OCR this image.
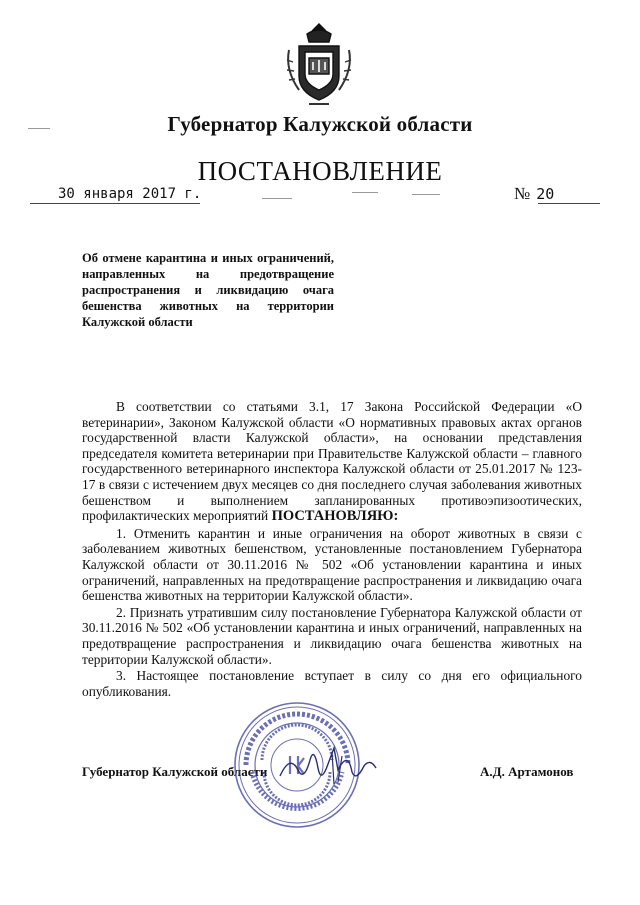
Губернатор Калужской области
ПОСТАНОВЛЕНИЕ
30 января 2017 г.	№ 20
Об отмене карантина и иных ограничений, направленных на предотвращение распространения и ликвидацию очага бешенства животных на территории Калужской области

В соответствии со статьями 3.1, 17 Закона Российской Федерации «О ветеринарии», Законом Калужской области «О нормативных правовых актах органов государственной власти Калужской области», на основании представления председателя комитета ветеринарии при Правительстве Калужской области – главного государственного ветеринарного инспектора Калужской области от 25.01.2017 № 123-17 в связи с истечением двух месяцев со дня последнего случая заболевания животных бешенством и выполнением запланированных противоэпизоотических, профилактических мероприятий ПОСТАНОВЛЯЮ:

1. Отменить карантин и иные ограничения на оборот животных в связи с заболеванием животных бешенством, установленные постановлением Губернатора Калужской области от 30.11.2016 № 502 «Об установлении карантина и иных ограничений, направленных на предотвращение распространения и ликвидацию очага бешенства животных на территории Калужской области».

2. Признать утратившим силу постановление Губернатора Калужской области от 30.11.2016 № 502 «Об установлении карантина и иных ограничений, направленных на предотвращение распространения и ликвидацию очага бешенства животных на территории Калужской области».

3. Настоящее постановление вступает в силу со дня его официального опубликования.

Губернатор Калужской области	А.Д. Артамонов
